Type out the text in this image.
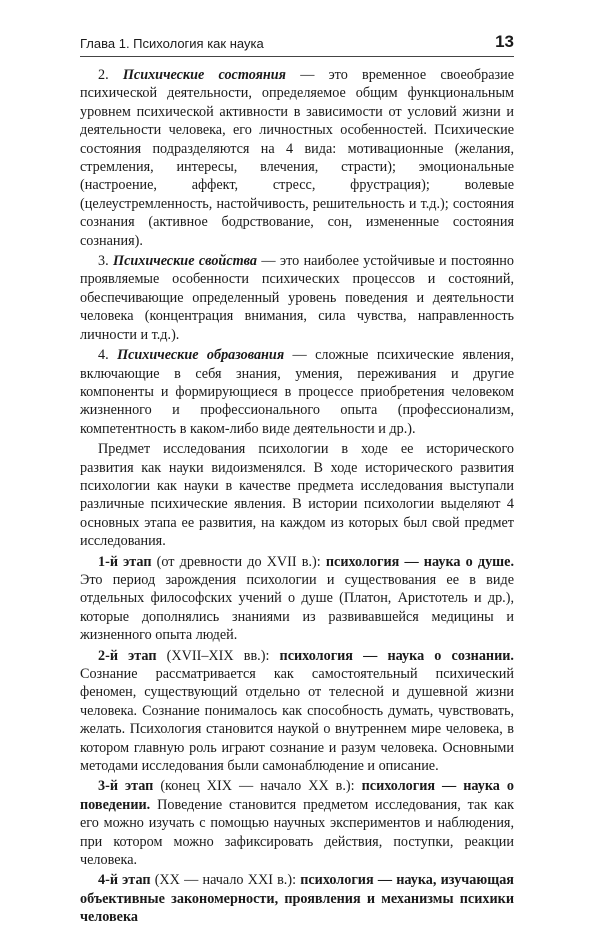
Глава 1. Психология как наука	13

2. Психические состояния — это временное своеобразие психической деятельности, определяемое общим функциональным уровнем психической активности в зависимости от условий жизни и деятельности человека, его личностных особенностей. Психические состояния подразделяются на 4 вида: мотивационные (желания, стремления, интересы, влечения, страсти); эмоциональные (настроение, аффект, стресс, фрустрация); волевые (целеустремленность, настойчивость, решительность и т.д.); состояния сознания (активное бодрствование, сон, измененные состояния сознания).

3. Психические свойства — это наиболее устойчивые и постоянно проявляемые особенности психических процессов и состояний, обеспечивающие определенный уровень поведения и деятельности человека (концентрация внимания, сила чувства, направленность личности и т.д.).

4. Психические образования — сложные психические явления, включающие в себя знания, умения, переживания и другие компоненты и формирующиеся в процессе приобретения человеком жизненного и профессионального опыта (профессионализм, компетентность в каком-либо виде деятельности и др.).

Предмет исследования психологии в ходе ее исторического развития как науки видоизменялся. В ходе исторического развития психологии как науки в качестве предмета исследования выступали различные психические явления. В истории психологии выделяют 4 основных этапа ее развития, на каждом из которых был свой предмет исследования.

1-й этап (от древности до XVII в.): психология — наука о душе. Это период зарождения психологии и существования ее в виде отдельных философских учений о душе (Платон, Аристотель и др.), которые дополнялись знаниями из развивавшейся медицины и жизненного опыта людей.

2-й этап (XVII–XIX вв.): психология — наука о сознании. Сознание рассматривается как самостоятельный психический феномен, существующий отдельно от телесной и душевной жизни человека. Сознание понималось как способность думать, чувствовать, желать. Психология становится наукой о внутреннем мире человека, в котором главную роль играют сознание и разум человека. Основными методами исследования были самонаблюдение и описание.

3-й этап (конец XIX — начало XX в.): психология — наука о поведении. Поведение становится предметом исследования, так как его можно изучать с помощью научных экспериментов и наблюдения, при котором можно зафиксировать действия, поступки, реакции человека.

4-й этап (XX — начало XXI в.): психология — наука, изучающая объективные закономерности, проявления и механизмы психики человека
